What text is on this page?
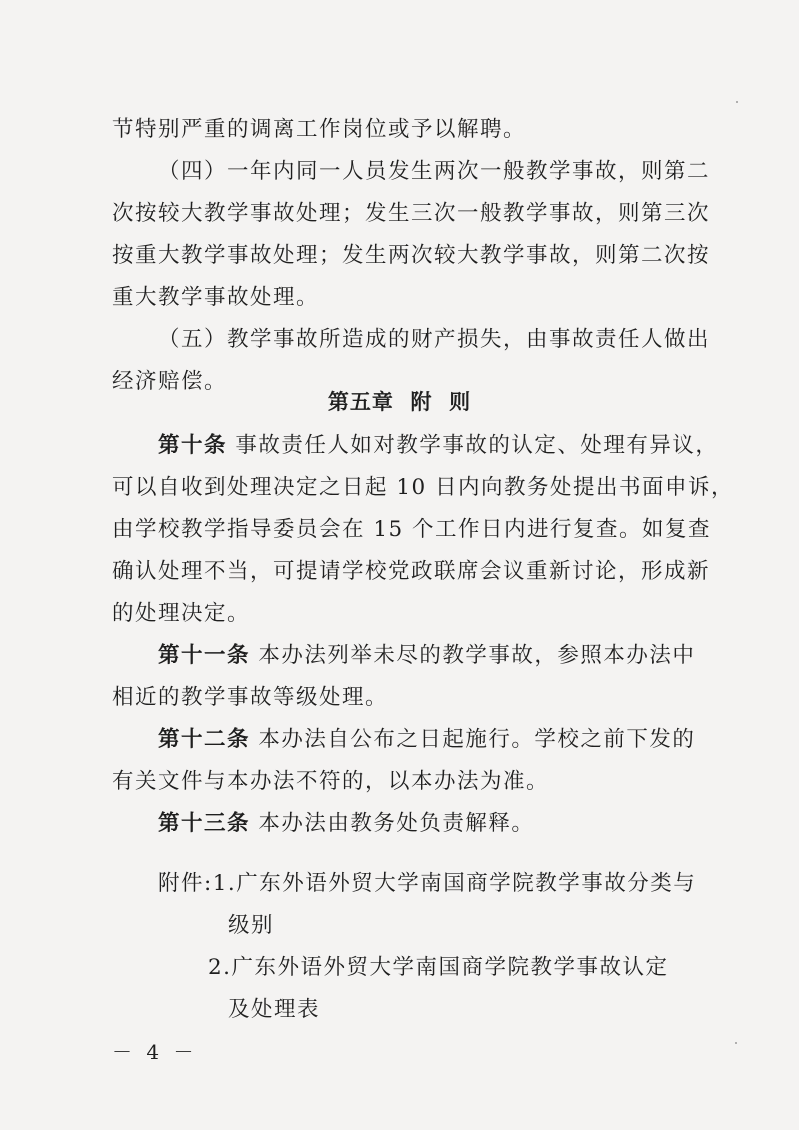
节特别严重的调离工作岗位或予以解聘。
（四）一年内同一人员发生两次一般教学事故，则第二
次按较大教学事故处理；发生三次一般教学事故，则第三次
按重大教学事故处理；发生两次较大教学事故，则第二次按
重大教学事故处理。
（五）教学事故所造成的财产损失，由事故责任人做出
经济赔偿。
第五章  附  则
第十条 事故责任人如对教学事故的认定、处理有异议，
可以自收到处理决定之日起 10 日内向教务处提出书面申诉，
由学校教学指导委员会在 15 个工作日内进行复查。如复查
确认处理不当，可提请学校党政联席会议重新讨论，形成新
的处理决定。
第十一条 本办法列举未尽的教学事故，参照本办法中
相近的教学事故等级处理。
第十二条 本办法自公布之日起施行。学校之前下发的
有关文件与本办法不符的，以本办法为准。
第十三条 本办法由教务处负责解释。
附件:1.广东外语外贸大学南国商学院教学事故分类与
级别
2.广东外语外贸大学南国商学院教学事故认定
及处理表
－ 4 －
